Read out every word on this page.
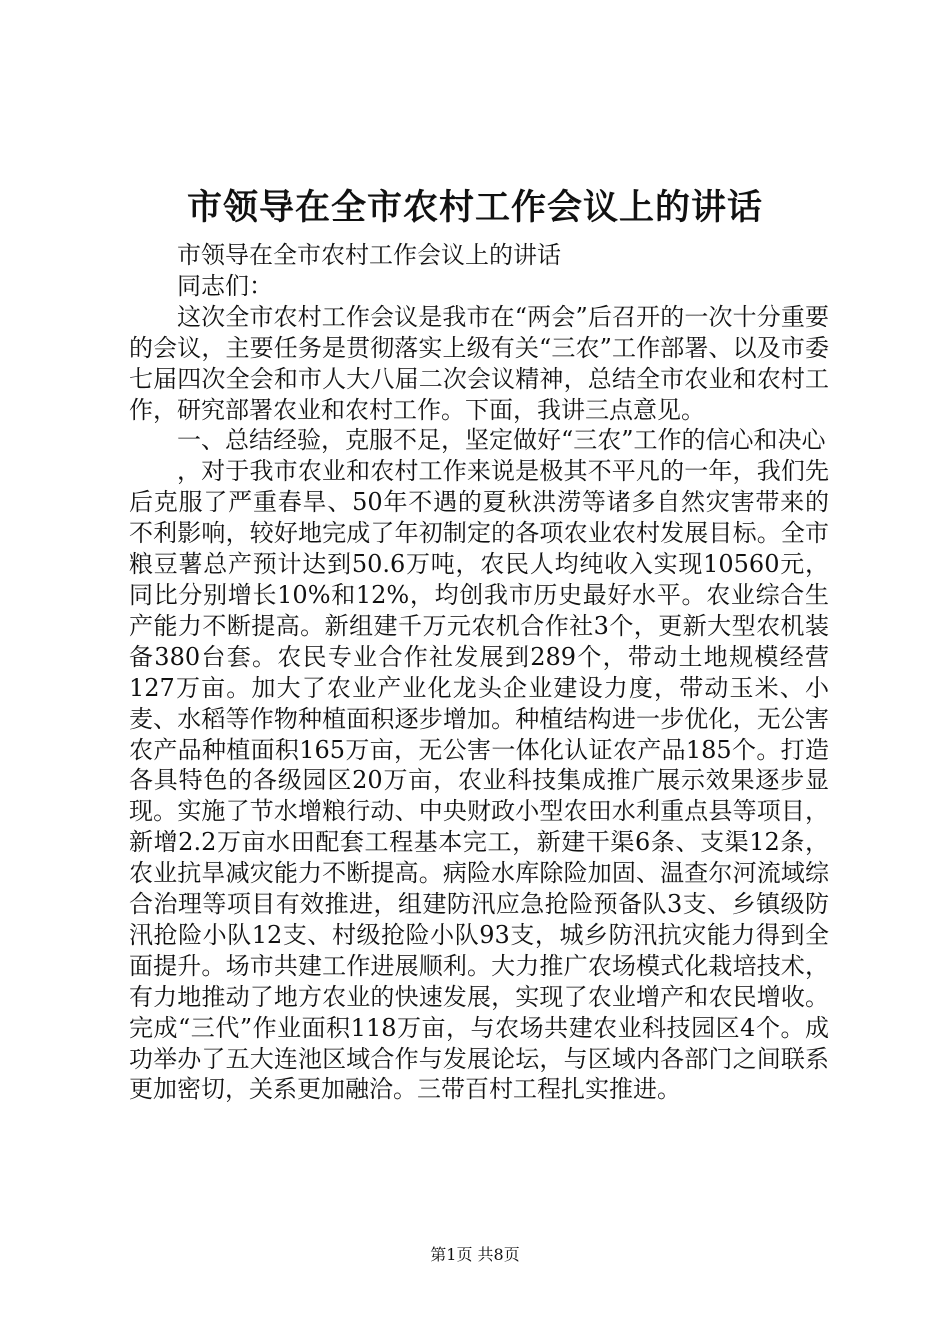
市领导在全市农村工作会议上的讲话

市领导在全市农村工作会议上的讲话

同志们：

这次全市农村工作会议是我市在“两会”后召开的一次十分重要的会议，主要任务是贯彻落实上级有关“三农”工作部署、以及市委七届四次全会和市人大八届二次会议精神，总结全市农业和农村工作，研究部署农业和农村工作。下面，我讲三点意见。

一、总结经验，克服不足，坚定做好“三农”工作的信心和决心

，对于我市农业和农村工作来说是极其不平凡的一年，我们先后克服了严重春旱、50年不遇的夏秋洪涝等诸多自然灾害带来的不利影响，较好地完成了年初制定的各项农业农村发展目标。全市粮豆薯总产预计达到50.6万吨，农民人均纯收入实现10560元，同比分别增长10%和12%，均创我市历史最好水平。农业综合生产能力不断提高。新组建千万元农机合作社3个，更新大型农机装备380台套。农民专业合作社发展到289个，带动土地规模经营127万亩。加大了农业产业化龙头企业建设力度，带动玉米、小麦、水稻等作物种植面积逐步增加。种植结构进一步优化，无公害农产品种植面积165万亩，无公害一体化认证农产品185个。打造各具特色的各级园区20万亩，农业科技集成推广展示效果逐步显现。实施了节水增粮行动、中央财政小型农田水利重点县等项目，新增2.2万亩水田配套工程基本完工，新建干渠6条、支渠12条，农业抗旱减灾能力不断提高。病险水库除险加固、温查尔河流域综合治理等项目有效推进，组建防汛应急抢险预备队3支、乡镇级防汛抢险小队12支、村级抢险小队93支，城乡防汛抗灾能力得到全面提升。场市共建工作进展顺利。大力推广农场模式化栽培技术，有力地推动了地方农业的快速发展，实现了农业增产和农民增收。完成“三代”作业面积118万亩，与农场共建农业科技园区4个。成功举办了五大连池区域合作与发展论坛，与区域内各部门之间联系更加密切，关系更加融洽。三带百村工程扎实推进。

第1页 共8页
